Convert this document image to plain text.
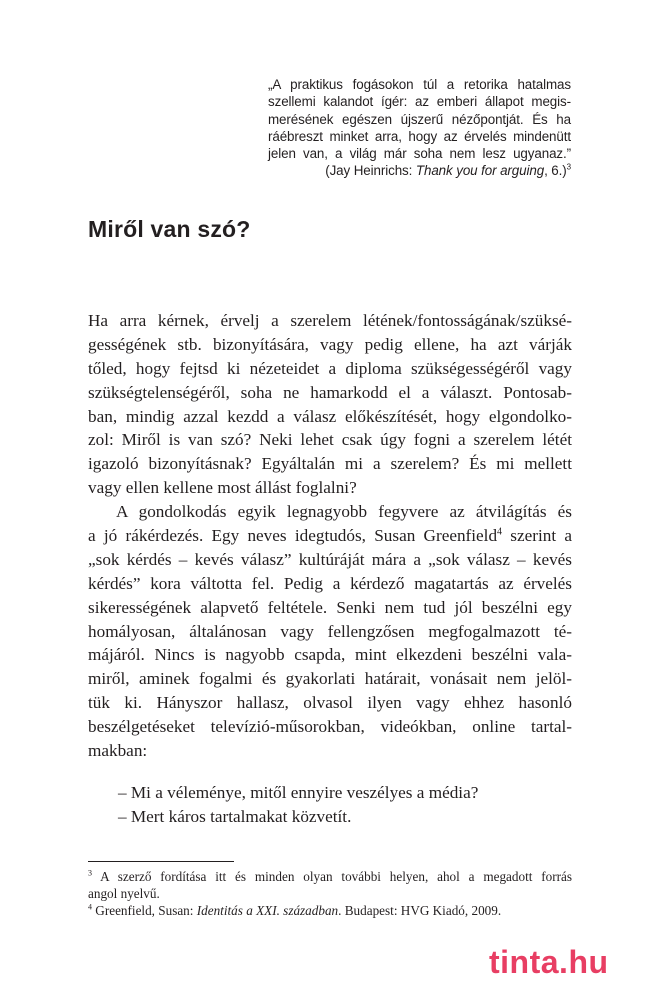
„A praktikus fogásokon túl a retorika hatalmas
szellemi kalandot ígér: az emberi állapot megis-
merésének egészen újszerű nézőpontját. És ha
ráébreszt minket arra, hogy az érvelés mindenütt
jelen van, a világ már soha nem lesz ugyanaz.”
(Jay Heinrichs: Thank you for arguing, 6.)$^3$
Miről van szó?
Ha arra kérnek, érvelj a szerelem létének/fontosságának/szüksé-
gességének stb. bizonyítására, vagy pedig ellene, ha azt várják
tőled, hogy fejtsd ki nézeteidet a diploma szükségességéről vagy
szükségtelenségéről, soha ne hamarkodd el a választ. Pontosab-
ban, mindig azzal kezdd a válasz előkészítését, hogy elgondolko-
zol: Miről is van szó? Neki lehet csak úgy fogni a szerelem létét
igazoló bizonyításnak? Egyáltalán mi a szerelem? És mi mellett
vagy ellen kellene most állást foglalni?
A gondolkodás egyik legnagyobb fegyvere az átvilágítás és
a jó rákérdezés. Egy neves idegtudós, Susan Greenfield$^4$ szerint a
„sok kérdés – kevés válasz” kultúráját mára a „sok válasz – kevés
kérdés” kora váltotta fel. Pedig a kérdező magatartás az érvelés
sikerességének alapvető feltétele. Senki nem tud jól beszélni egy
homályosan, általánosan vagy fellengzősen megfogalmazott té-
májáról. Nincs is nagyobb csapda, mint elkezdeni beszélni vala-
miről, aminek fogalmi és gyakorlati határait, vonásait nem jelöl-
tük ki. Hányszor hallasz, olvasol ilyen vagy ehhez hasonló
beszélgetéseket televízió-műsorokban, videókban, online tartal-
makban:
– Mi a véleménye, mitől ennyire veszélyes a média?
– Mert káros tartalmakat közvetít.
$^3$ A szerző fordítása itt és minden olyan további helyen, ahol a megadott forrás
angol nyelvű.
$^4$ Greenfield, Susan: Identitás a XXI. században. Budapest: HVG Kiadó, 2009.
tinta.hu
